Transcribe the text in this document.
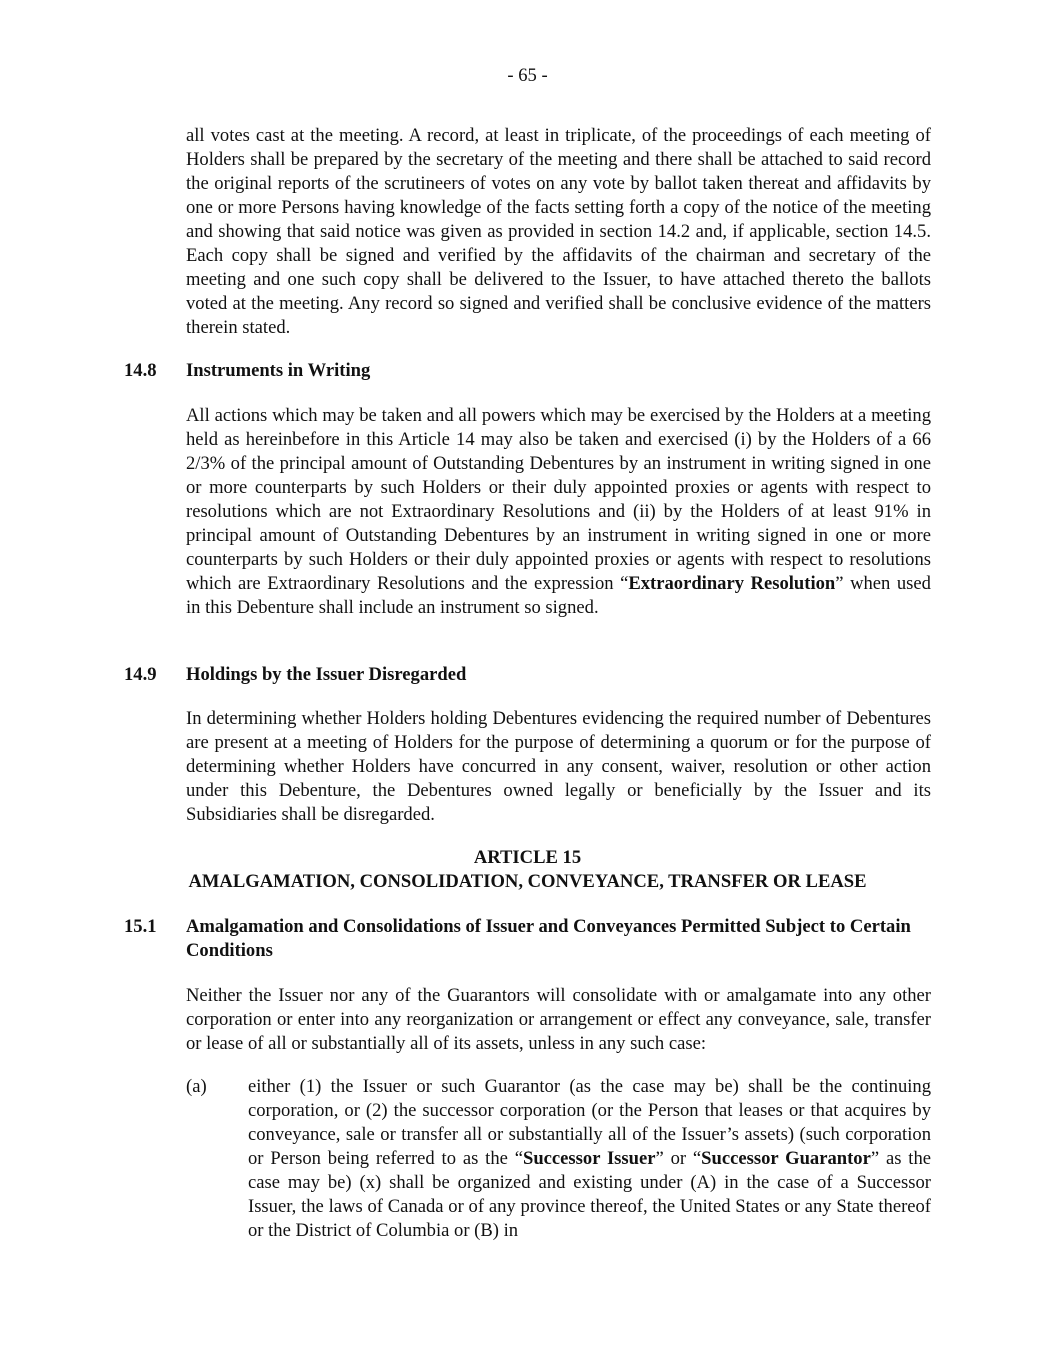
- 65 -

all votes cast at the meeting. A record, at least in triplicate, of the proceedings of each meeting of Holders shall be prepared by the secretary of the meeting and there shall be attached to said record the original reports of the scrutineers of votes on any vote by ballot taken thereat and affidavits by one or more Persons having knowledge of the facts setting forth a copy of the notice of the meeting and showing that said notice was given as provided in section 14.2 and, if applicable, section 14.5. Each copy shall be signed and verified by the affidavits of the chairman and secretary of the meeting and one such copy shall be delivered to the Issuer, to have attached thereto the ballots voted at the meeting. Any record so signed and verified shall be conclusive evidence of the matters therein stated.

14.8 Instruments in Writing

All actions which may be taken and all powers which may be exercised by the Holders at a meeting held as hereinbefore in this Article 14 may also be taken and exercised (i) by the Holders of a 66 2/3% of the principal amount of Outstanding Debentures by an instrument in writing signed in one or more counterparts by such Holders or their duly appointed proxies or agents with respect to resolutions which are not Extraordinary Resolutions and (ii) by the Holders of at least 91% in principal amount of Outstanding Debentures by an instrument in writing signed in one or more counterparts by such Holders or their duly appointed proxies or agents with respect to resolutions which are Extraordinary Resolutions and the expression “Extraordinary Resolution” when used in this Debenture shall include an instrument so signed.

14.9 Holdings by the Issuer Disregarded

In determining whether Holders holding Debentures evidencing the required number of Debentures are present at a meeting of Holders for the purpose of determining a quorum or for the purpose of determining whether Holders have concurred in any consent, waiver, resolution or other action under this Debenture, the Debentures owned legally or beneficially by the Issuer and its Subsidiaries shall be disregarded.

ARTICLE 15
AMALGAMATION, CONSOLIDATION, CONVEYANCE, TRANSFER OR LEASE
15.1 Amalgamation and Consolidations of Issuer and Conveyances Permitted Subject to Certain Conditions

Neither the Issuer nor any of the Guarantors will consolidate with or amalgamate into any other corporation or enter into any reorganization or arrangement or effect any conveyance, sale, transfer or lease of all or substantially all of its assets, unless in any such case:

(a) either (1) the Issuer or such Guarantor (as the case may be) shall be the continuing corporation, or (2) the successor corporation (or the Person that leases or that acquires by conveyance, sale or transfer all or substantially all of the Issuer’s assets) (such corporation or Person being referred to as the “Successor Issuer” or “Successor Guarantor” as the case may be) (x) shall be organized and existing under (A) in the case of a Successor Issuer, the laws of Canada or of any province thereof, the United States or any State thereof or the District of Columbia or (B) in
